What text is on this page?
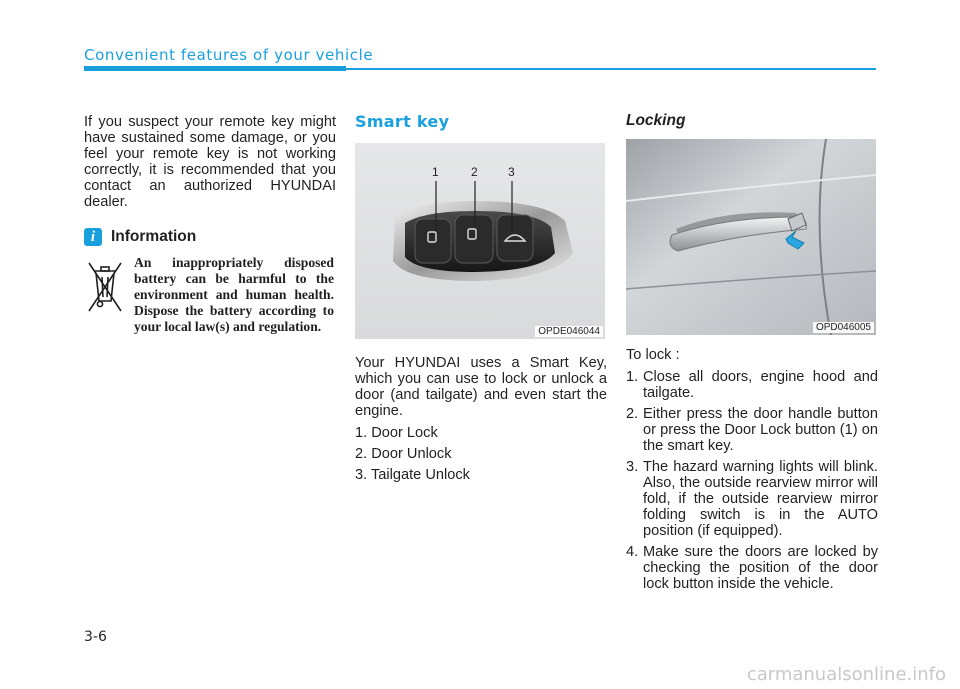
Convenient features of your vehicle

If you suspect your remote key might have sustained some damage, or you feel your remote key is not working correctly, it is recommended that you contact an authorized HYUNDAI dealer.

i	Information
An inappropriately disposed battery can be harmful to the environment and human health. Dispose the battery according to your local law(s) and regulation.
Smart key
1	2	3
OPDE046044

Your HYUNDAI uses a Smart Key, which you can use to lock or unlock a door (and tailgate) and even start the engine.

1. Door Lock
2. Door Unlock
3. Tailgate Unlock
Locking
OPD046005

To lock :

1. Close all doors, engine hood and tailgate.
2. Either press the door handle button or press the Door Lock button (1) on the smart key.
3. The hazard warning lights will blink. Also, the outside rearview mirror will fold, if the outside rearview mirror folding switch is in the AUTO position (if equipped).
4. Make sure the doors are locked by checking the position of the door lock button inside the vehicle.
3-6
carmanualsonline.info
